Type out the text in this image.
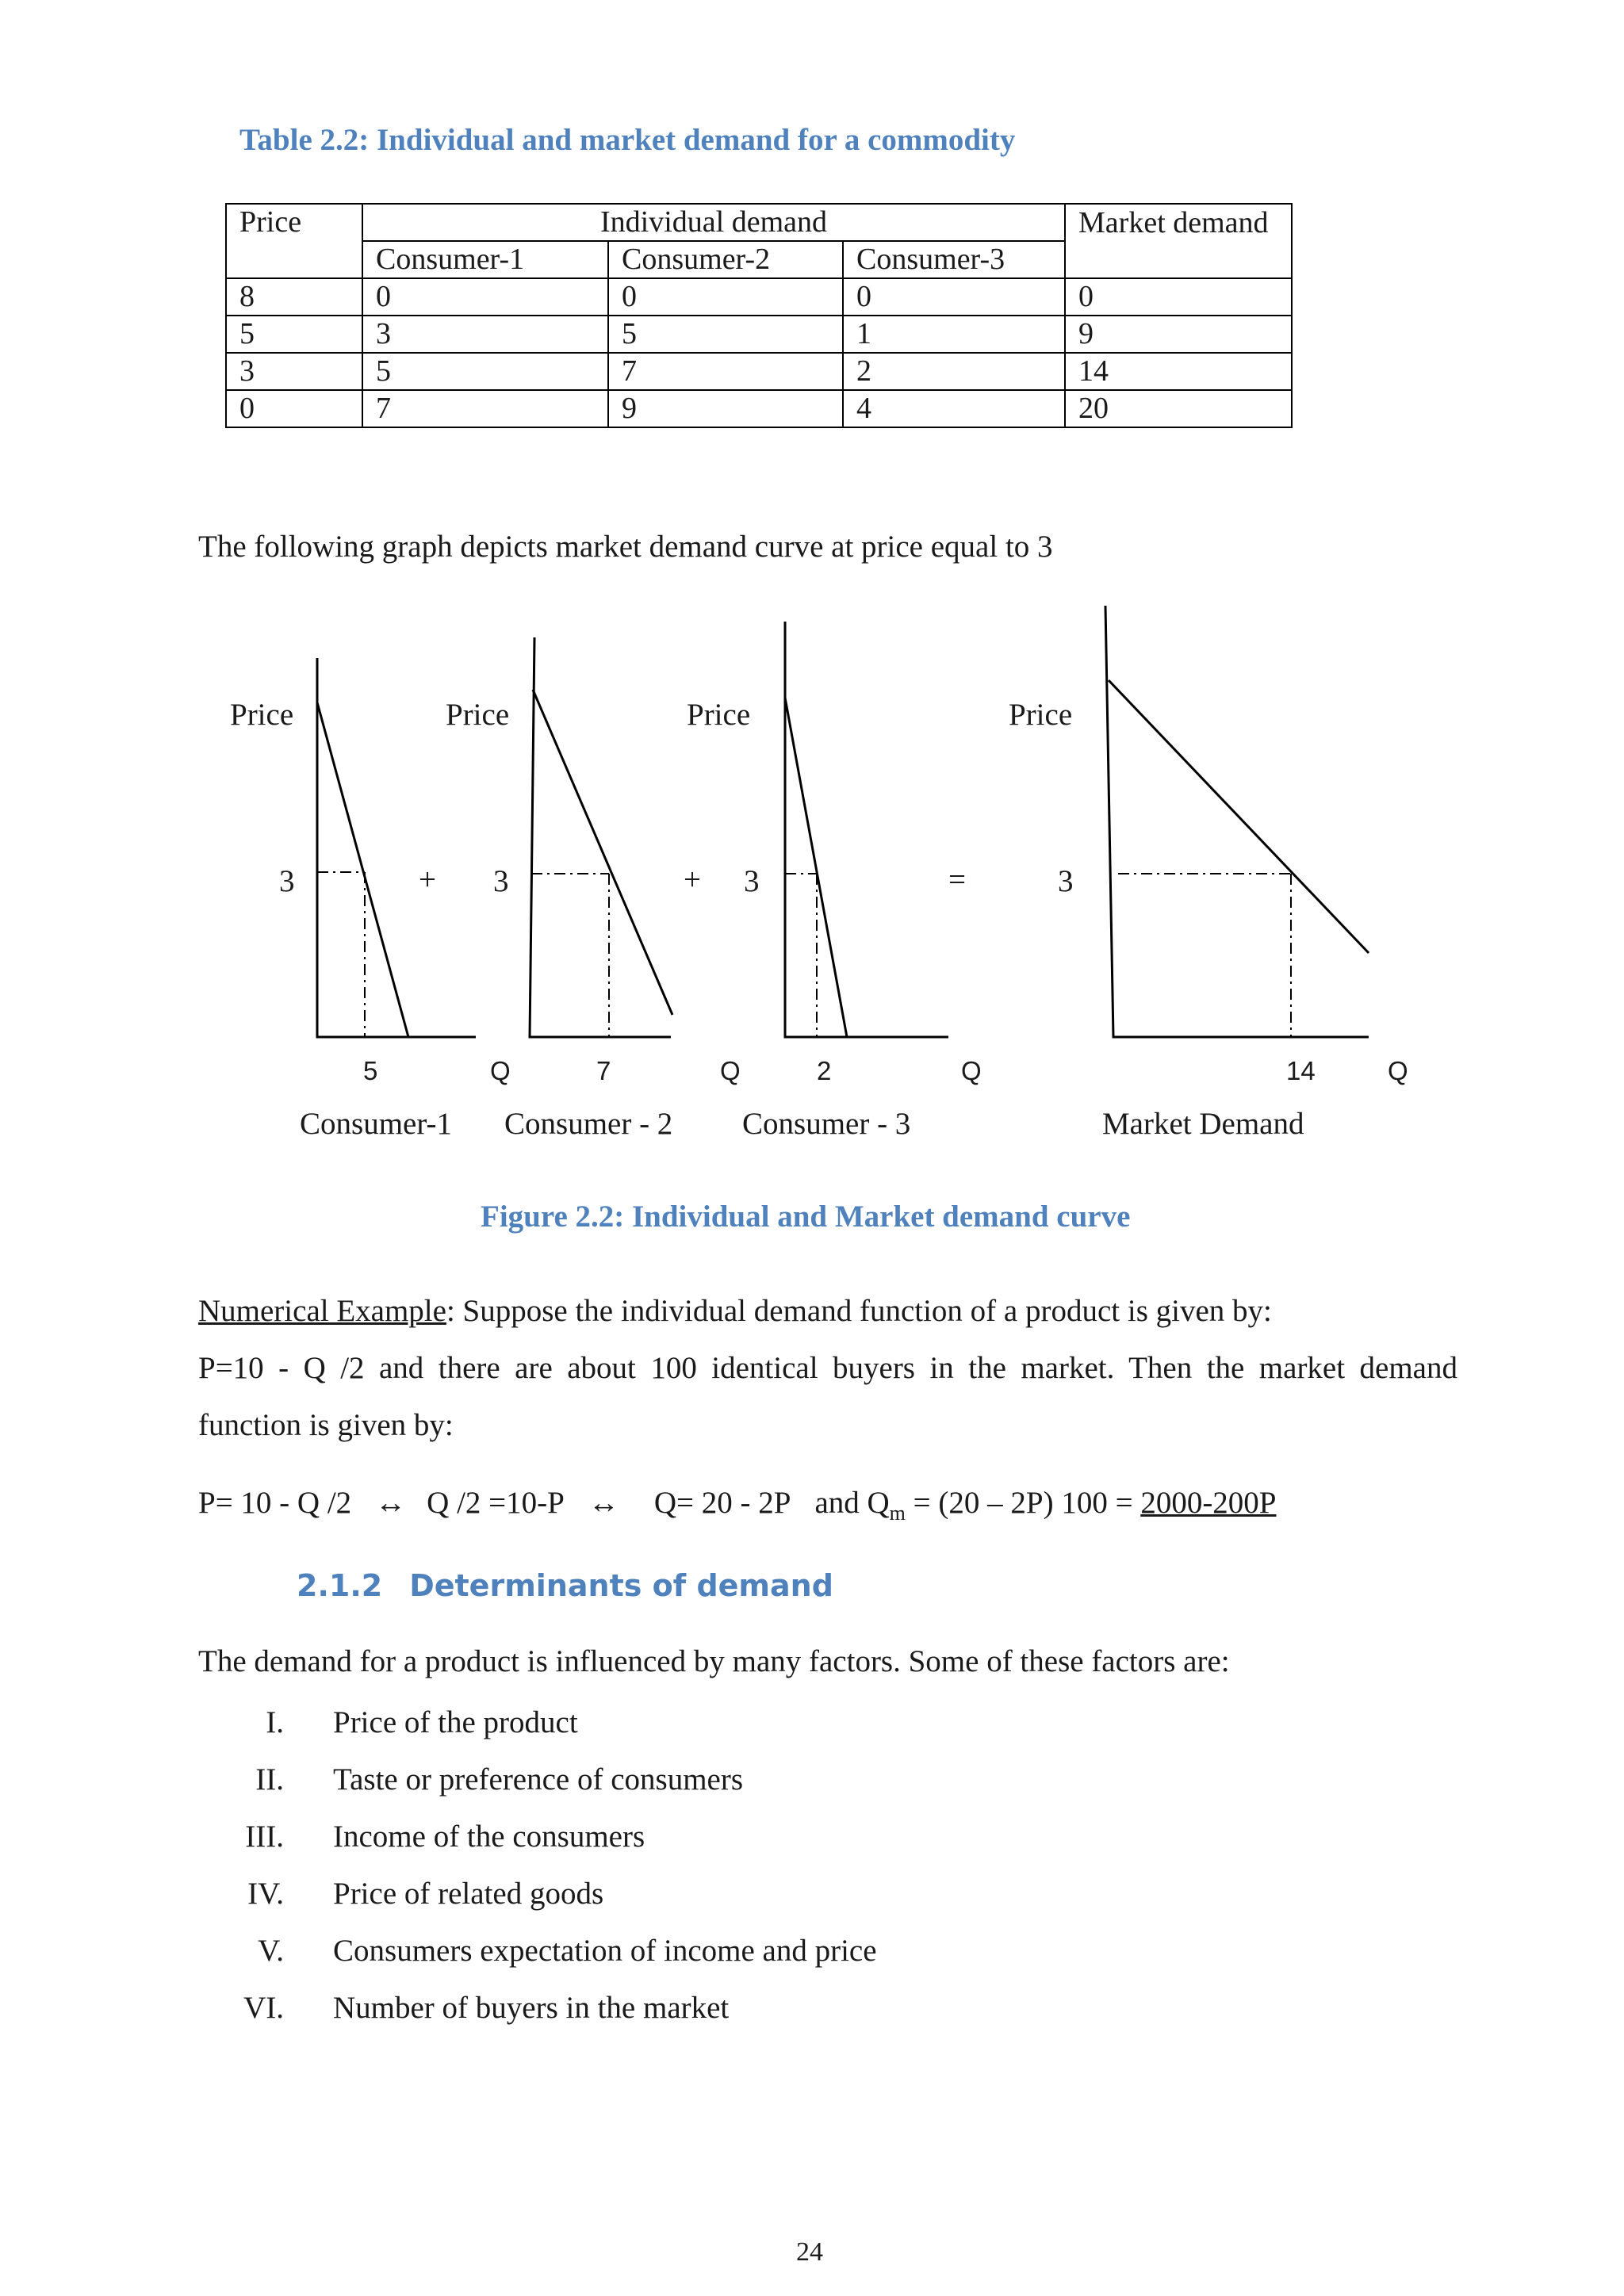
Table 2.2: Individual and market demand for a commodity

Price	Individual demand			Market demand
	Consumer-1	Consumer-2	Consumer-3	
8	0	0	0	0
5	3	5	1	9
3	5	7	2	14
0	7	9	4	20

The following graph depicts market demand curve at price equal to 3

Price	Price	Price	Price
3	3	3	3
+	+	=
5	Q	7	Q	2	Q	14	Q
Consumer-1 Consumer - 2 Consumer - 3	Market Demand

Figure 2.2: Individual and Market demand curve

Numerical Example: Suppose the individual demand function of a product is given by:

P=10 - Q /2 and there are about 100 identical buyers in the market. Then the market demand

function is given by:

P= 10 - Q /2 ↔ Q /2 =10-P ↔ Q= 20 - 2P and $Q_m = (20 - 2P) 100 = 2000-200P$

2.1.2 Determinants of demand

The demand for a product is influenced by many factors. Some of these factors are:

I. Price of the product
II. Taste or preference of consumers
III. Income of the consumers
IV. Price of related goods
V. Consumers expectation of income and price
VI. Number of buyers in the market

24
